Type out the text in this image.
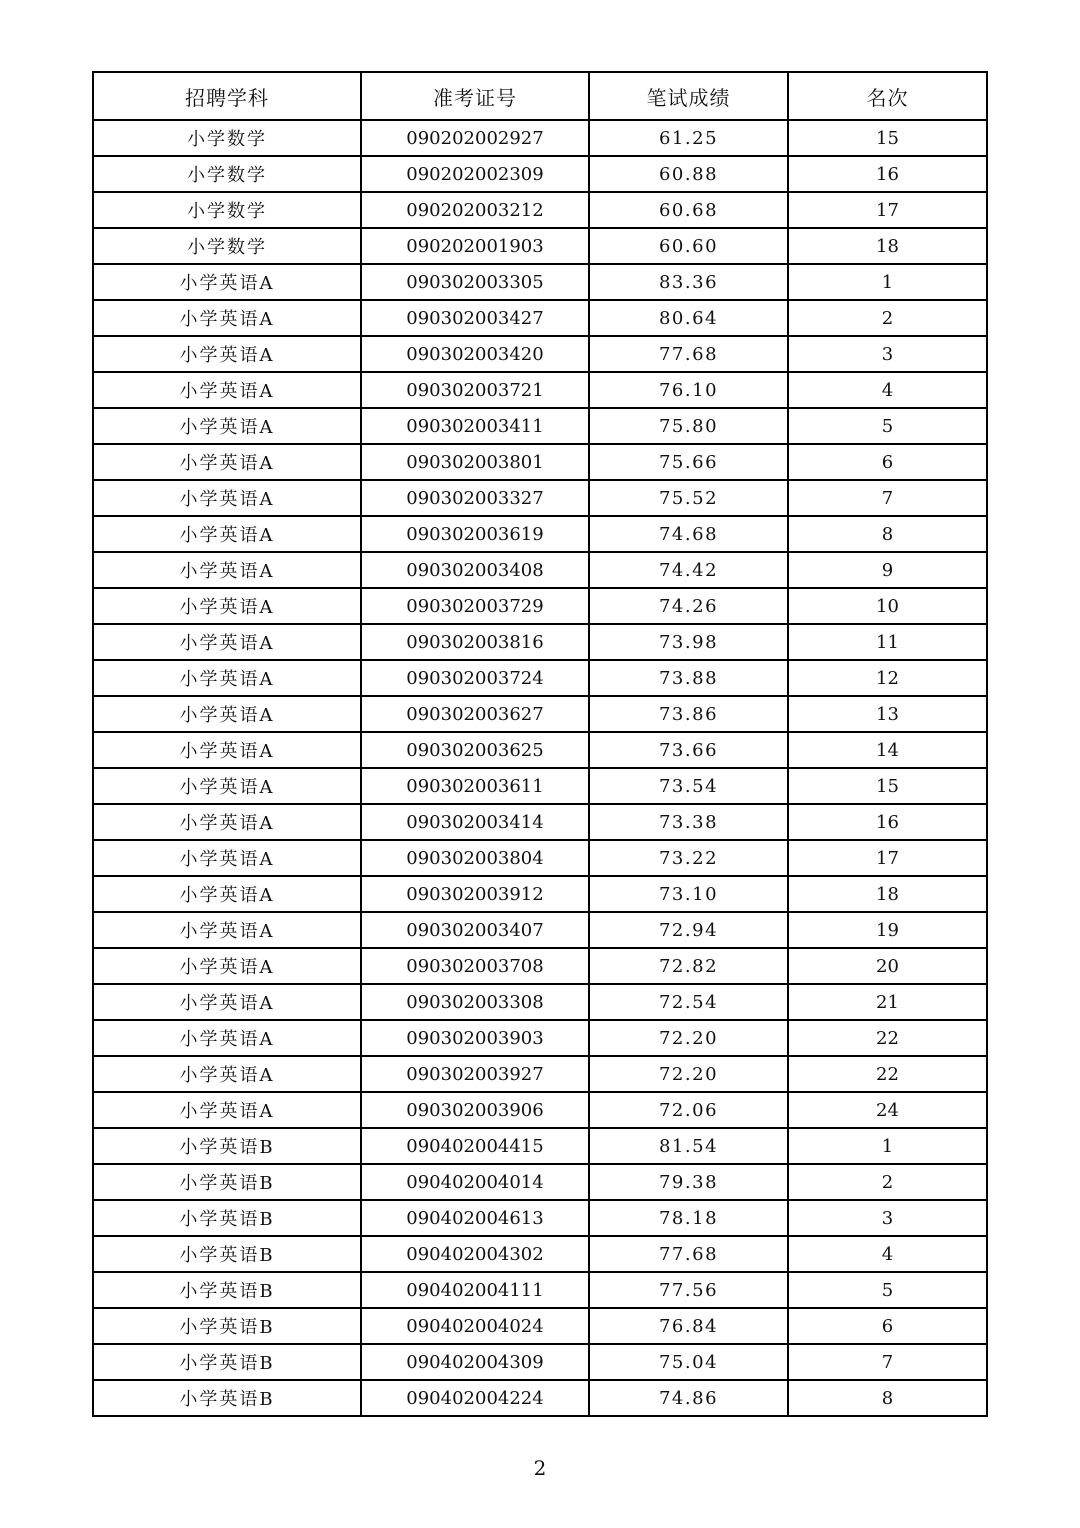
招聘学科	准考证号	笔试成绩	名次
小学数学	090202002927	61.25	15
小学数学	090202002309	60.88	16
小学数学	090202003212	60.68	17
小学数学	090202001903	60.60	18
小学英语A	090302003305	83.36	1
小学英语A	090302003427	80.64	2
小学英语A	090302003420	77.68	3
小学英语A	090302003721	76.10	4
小学英语A	090302003411	75.80	5
小学英语A	090302003801	75.66	6
小学英语A	090302003327	75.52	7
小学英语A	090302003619	74.68	8
小学英语A	090302003408	74.42	9
小学英语A	090302003729	74.26	10
小学英语A	090302003816	73.98	11
小学英语A	090302003724	73.88	12
小学英语A	090302003627	73.86	13
小学英语A	090302003625	73.66	14
小学英语A	090302003611	73.54	15
小学英语A	090302003414	73.38	16
小学英语A	090302003804	73.22	17
小学英语A	090302003912	73.10	18
小学英语A	090302003407	72.94	19
小学英语A	090302003708	72.82	20
小学英语A	090302003308	72.54	21
小学英语A	090302003903	72.20	22
小学英语A	090302003927	72.20	22
小学英语A	090302003906	72.06	24
小学英语B	090402004415	81.54	1
小学英语B	090402004014	79.38	2
小学英语B	090402004613	78.18	3
小学英语B	090402004302	77.68	4
小学英语B	090402004111	77.56	5
小学英语B	090402004024	76.84	6
小学英语B	090402004309	75.04	7
小学英语B	090402004224	74.86	8
2
